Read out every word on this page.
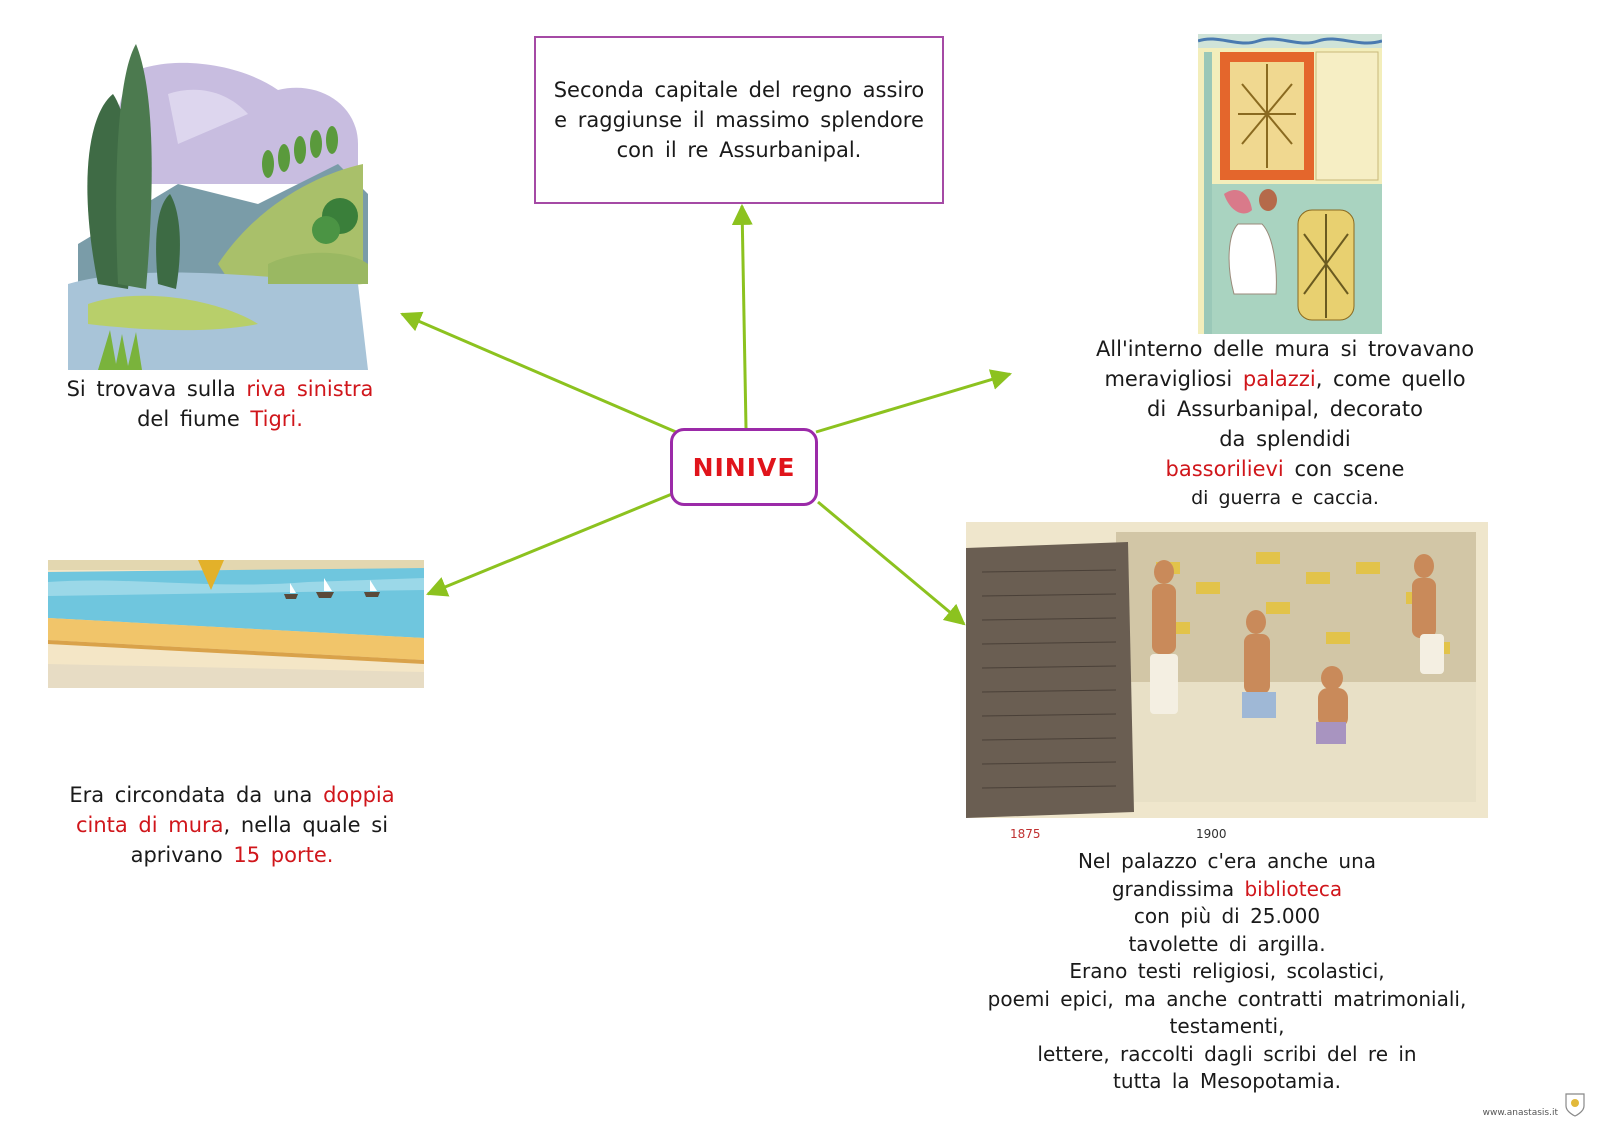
Seconda capitale del regno assiro e raggiunse il massimo splendore con il re Assurbanipal.
NINIVE
Si trovava sulla riva sinistra
del fiume Tigri.
Era circondata da una doppia
cinta di mura, nella quale si
aprivano 15 porte.
All'interno delle mura si trovavano
meravigliosi palazzi, come quello
di Assurbanipal, decorato
da splendidi
bassorilievi con scene
di guerra e caccia.
1875	1900
Nel palazzo c'era anche una
grandissima biblioteca
con più di 25.000
tavolette di argilla.
Erano testi religiosi, scolastici,
poemi epici, ma anche contratti matrimoniali,
testamenti,
lettere, raccolti dagli scribi del re in
tutta la Mesopotamia.
www.anastasis.it
